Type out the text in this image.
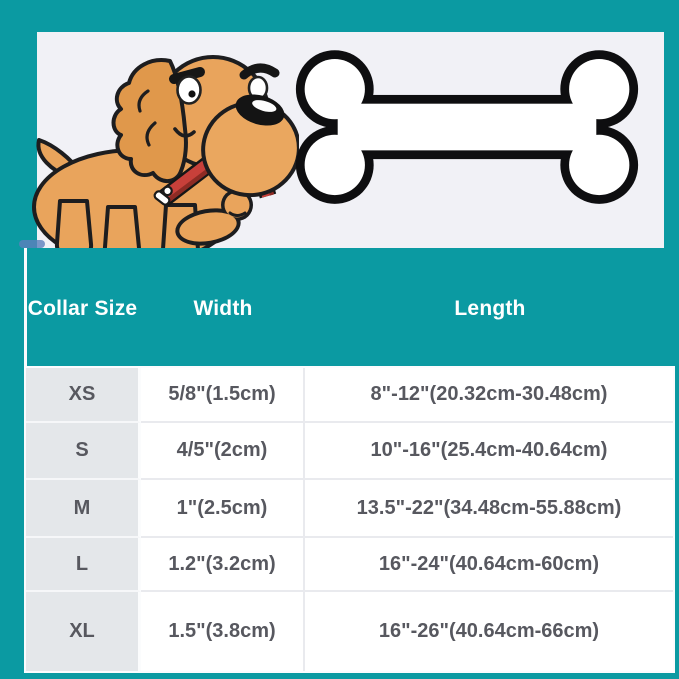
Collar Size	Width	Length
XS	5/8"(1.5cm)	8"-12"(20.32cm-30.48cm)
S	4/5"(2cm)	10"-16"(25.4cm-40.64cm)
M	1"(2.5cm)	13.5"-22"(34.48cm-55.88cm)
L	1.2"(3.2cm)	16"-24"(40.64cm-60cm)
XL	1.5"(3.8cm)	16"-26"(40.64cm-66cm)
